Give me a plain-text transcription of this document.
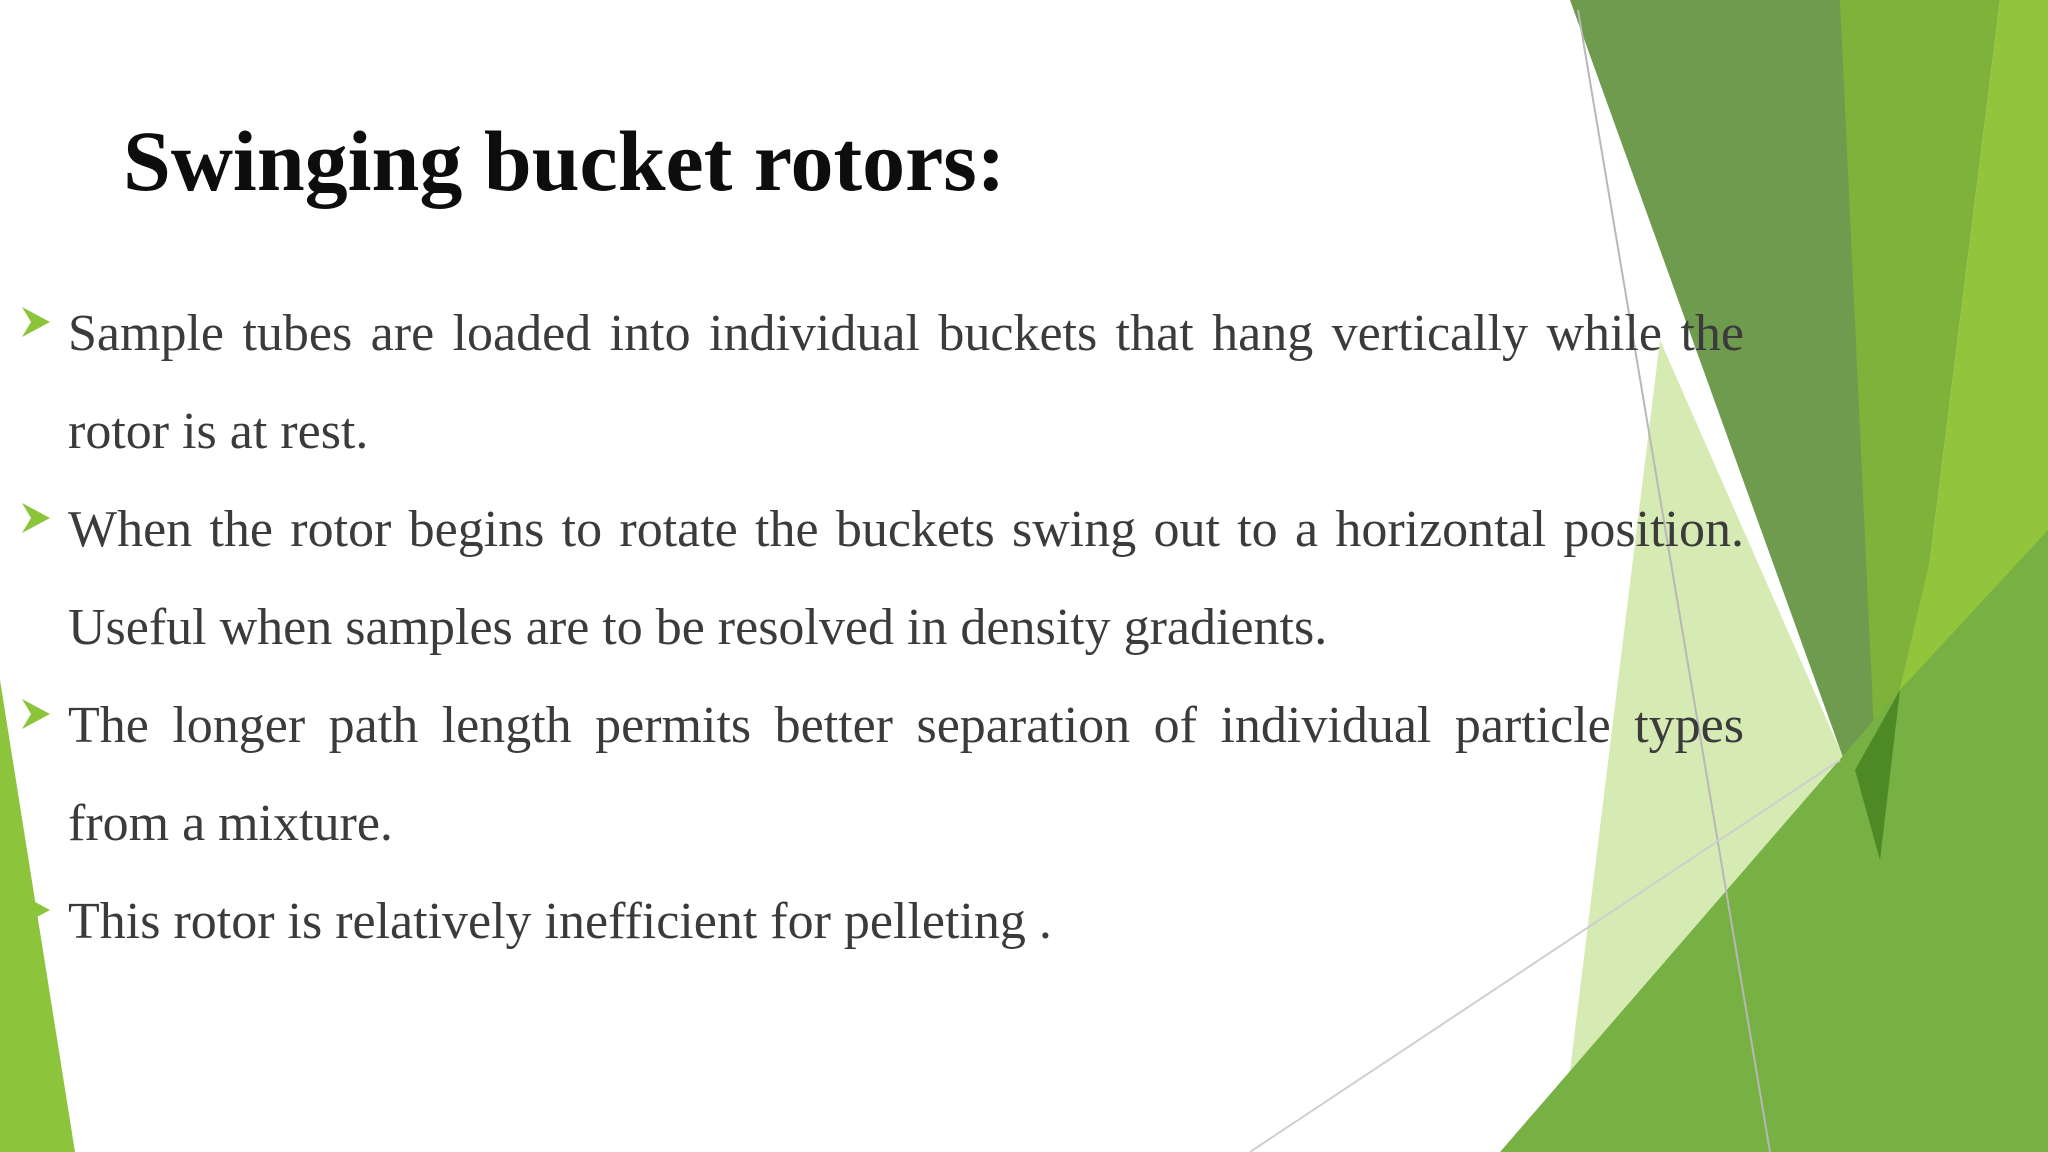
Swinging bucket rotors:
Sample tubes are loaded into individual buckets that hang vertically while the rotor is at rest.
When the rotor begins to rotate the buckets swing out to a horizontal position. Useful when samples are to be resolved in density gradients.
The longer path length permits better separation of individual particle types from a mixture.
This rotor is relatively inefficient for pelleting .
